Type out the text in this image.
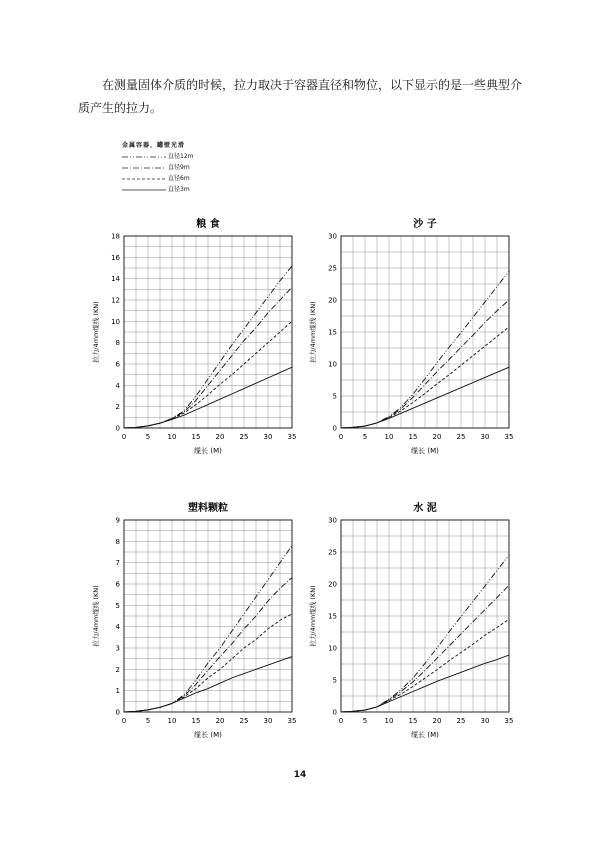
在测量固体介质的时候，拉力取决于容器直径和物位，以下显示的是一些典型介质产生的拉力。

金属容器，罐壁光滑
直径12m
直径9m
直径6m
直径3m
粮 食
0	5 10 15 20 25 30 35
0
2
4
6
8
10
12
14
16
18
缆长 (M)
拉力/4mm缆线 (KN)
沙 子
0	5 10 15 20 25 30 35
0
5
10
15
20
25
30
缆长 (M)
拉力/4mm缆线 (KN)
塑料颗粒
0	5 10 15 20 25 30 35
0
1
2
3
4
5
6
7
8
9
缆长 (M)
拉力/4mm缆线 (KN)
水 泥
0	5 10 15 20 25 30 35
0
5
10
15
20
25
30
缆长 (M)
拉力/4mm缆线 (KN)
14
